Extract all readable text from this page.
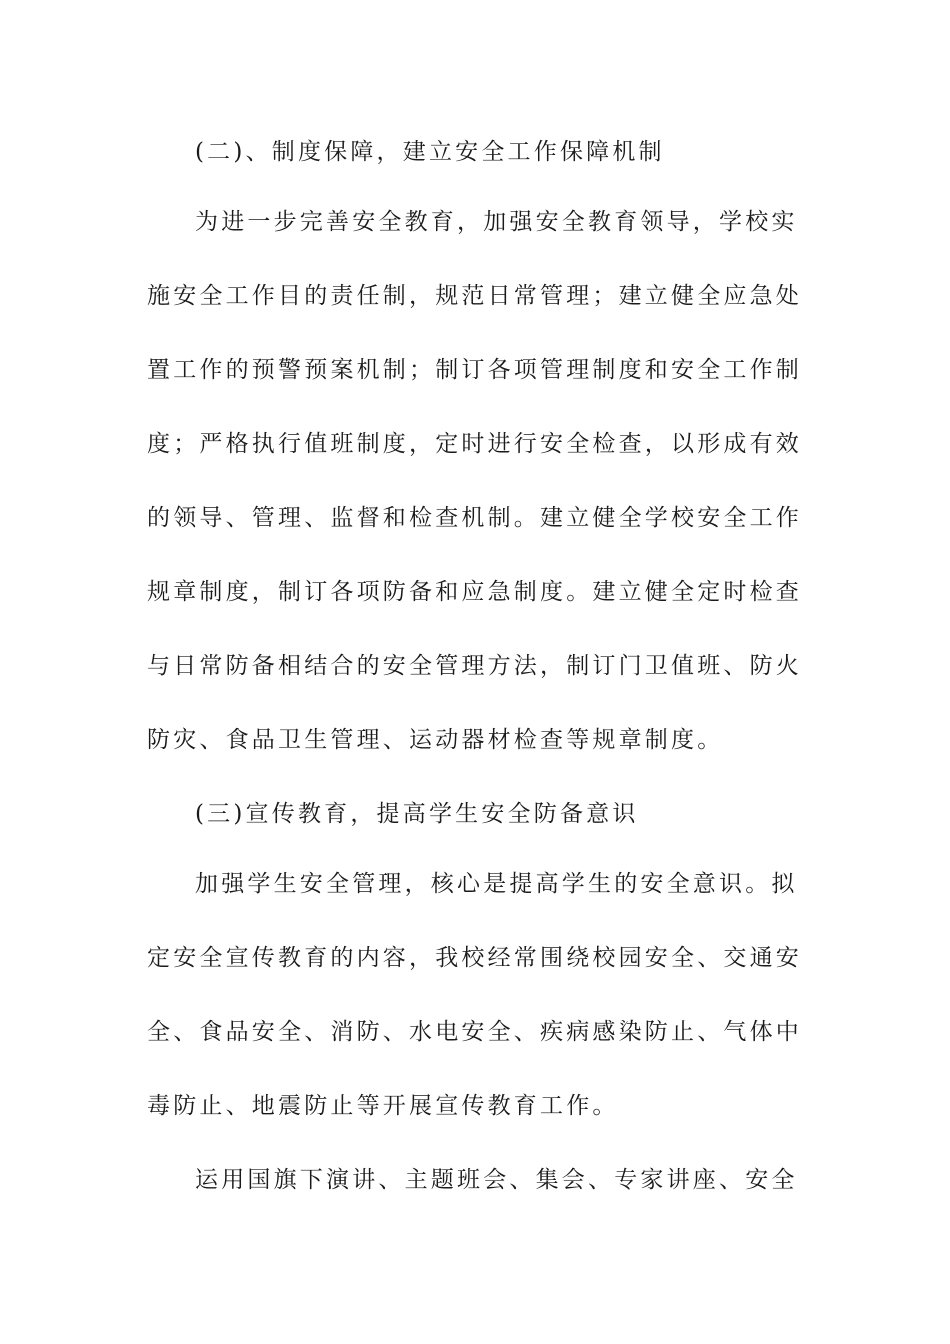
(二)、制度保障，建立安全工作保障机制
为进一步完善安全教育，加强安全教育领导，学校实
施安全工作目的责任制，规范日常管理；建立健全应急处
置工作的预警预案机制；制订各项管理制度和安全工作制
度；严格执行值班制度，定时进行安全检查，以形成有效
的领导、管理、监督和检查机制。建立健全学校安全工作
规章制度，制订各项防备和应急制度。建立健全定时检查
与日常防备相结合的安全管理方法，制订门卫值班、防火
防灾、食品卫生管理、运动器材检查等规章制度。
(三)宣传教育，提高学生安全防备意识
加强学生安全管理，核心是提高学生的安全意识。拟
定安全宣传教育的内容，我校经常围绕校园安全、交通安
全、食品安全、消防、水电安全、疾病感染防止、气体中
毒防止、地震防止等开展宣传教育工作。
运用国旗下演讲、主题班会、集会、专家讲座、安全
